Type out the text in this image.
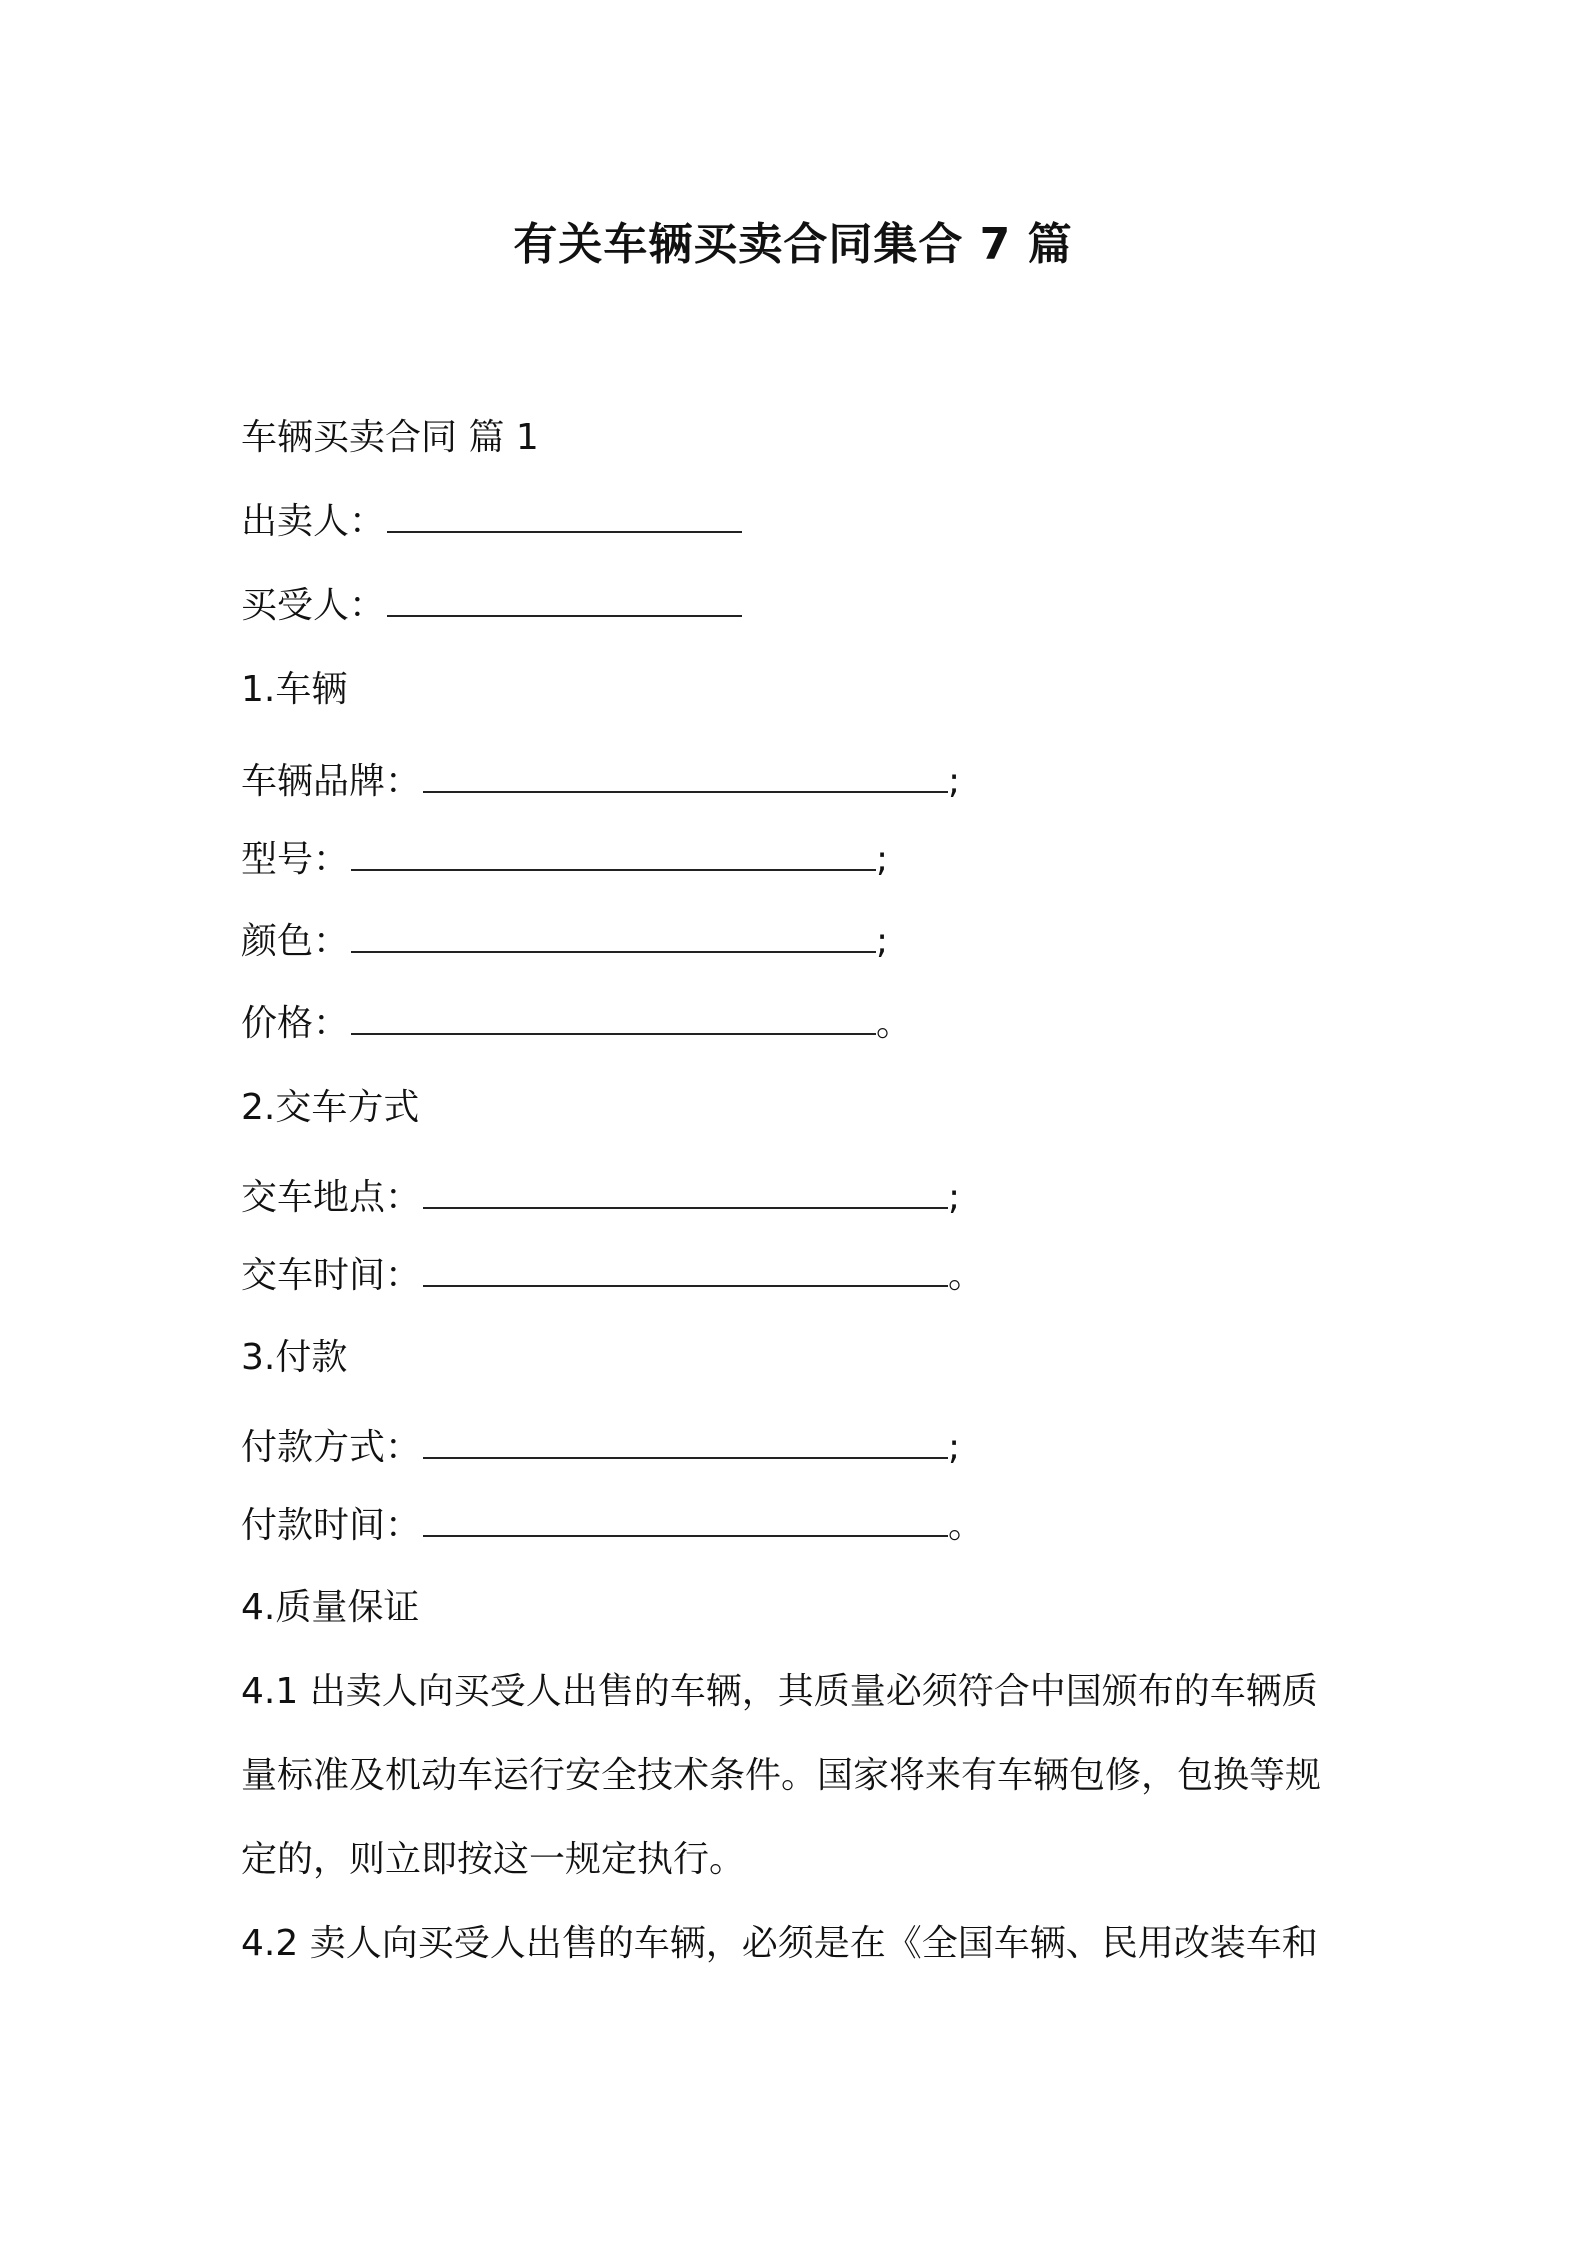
有关车辆买卖合同集合 7 篇
车辆买卖合同 篇 1
出卖人：
买受人：
1.车辆
车辆品牌：	;
型号：	;
颜色：	;
价格：	。
2.交车方式
交车地点：	;
交车时间：	。
3.付款
付款方式：	;
付款时间：	。
4.质量保证
4.1 出卖人向买受人出售的车辆，其质量必须符合中国颁布的车辆质
量标准及机动车运行安全技术条件。国家将来有车辆包修，包换等规
定的，则立即按这一规定执行。
4.2 卖人向买受人出售的车辆，必须是在《全国车辆、民用改装车和
